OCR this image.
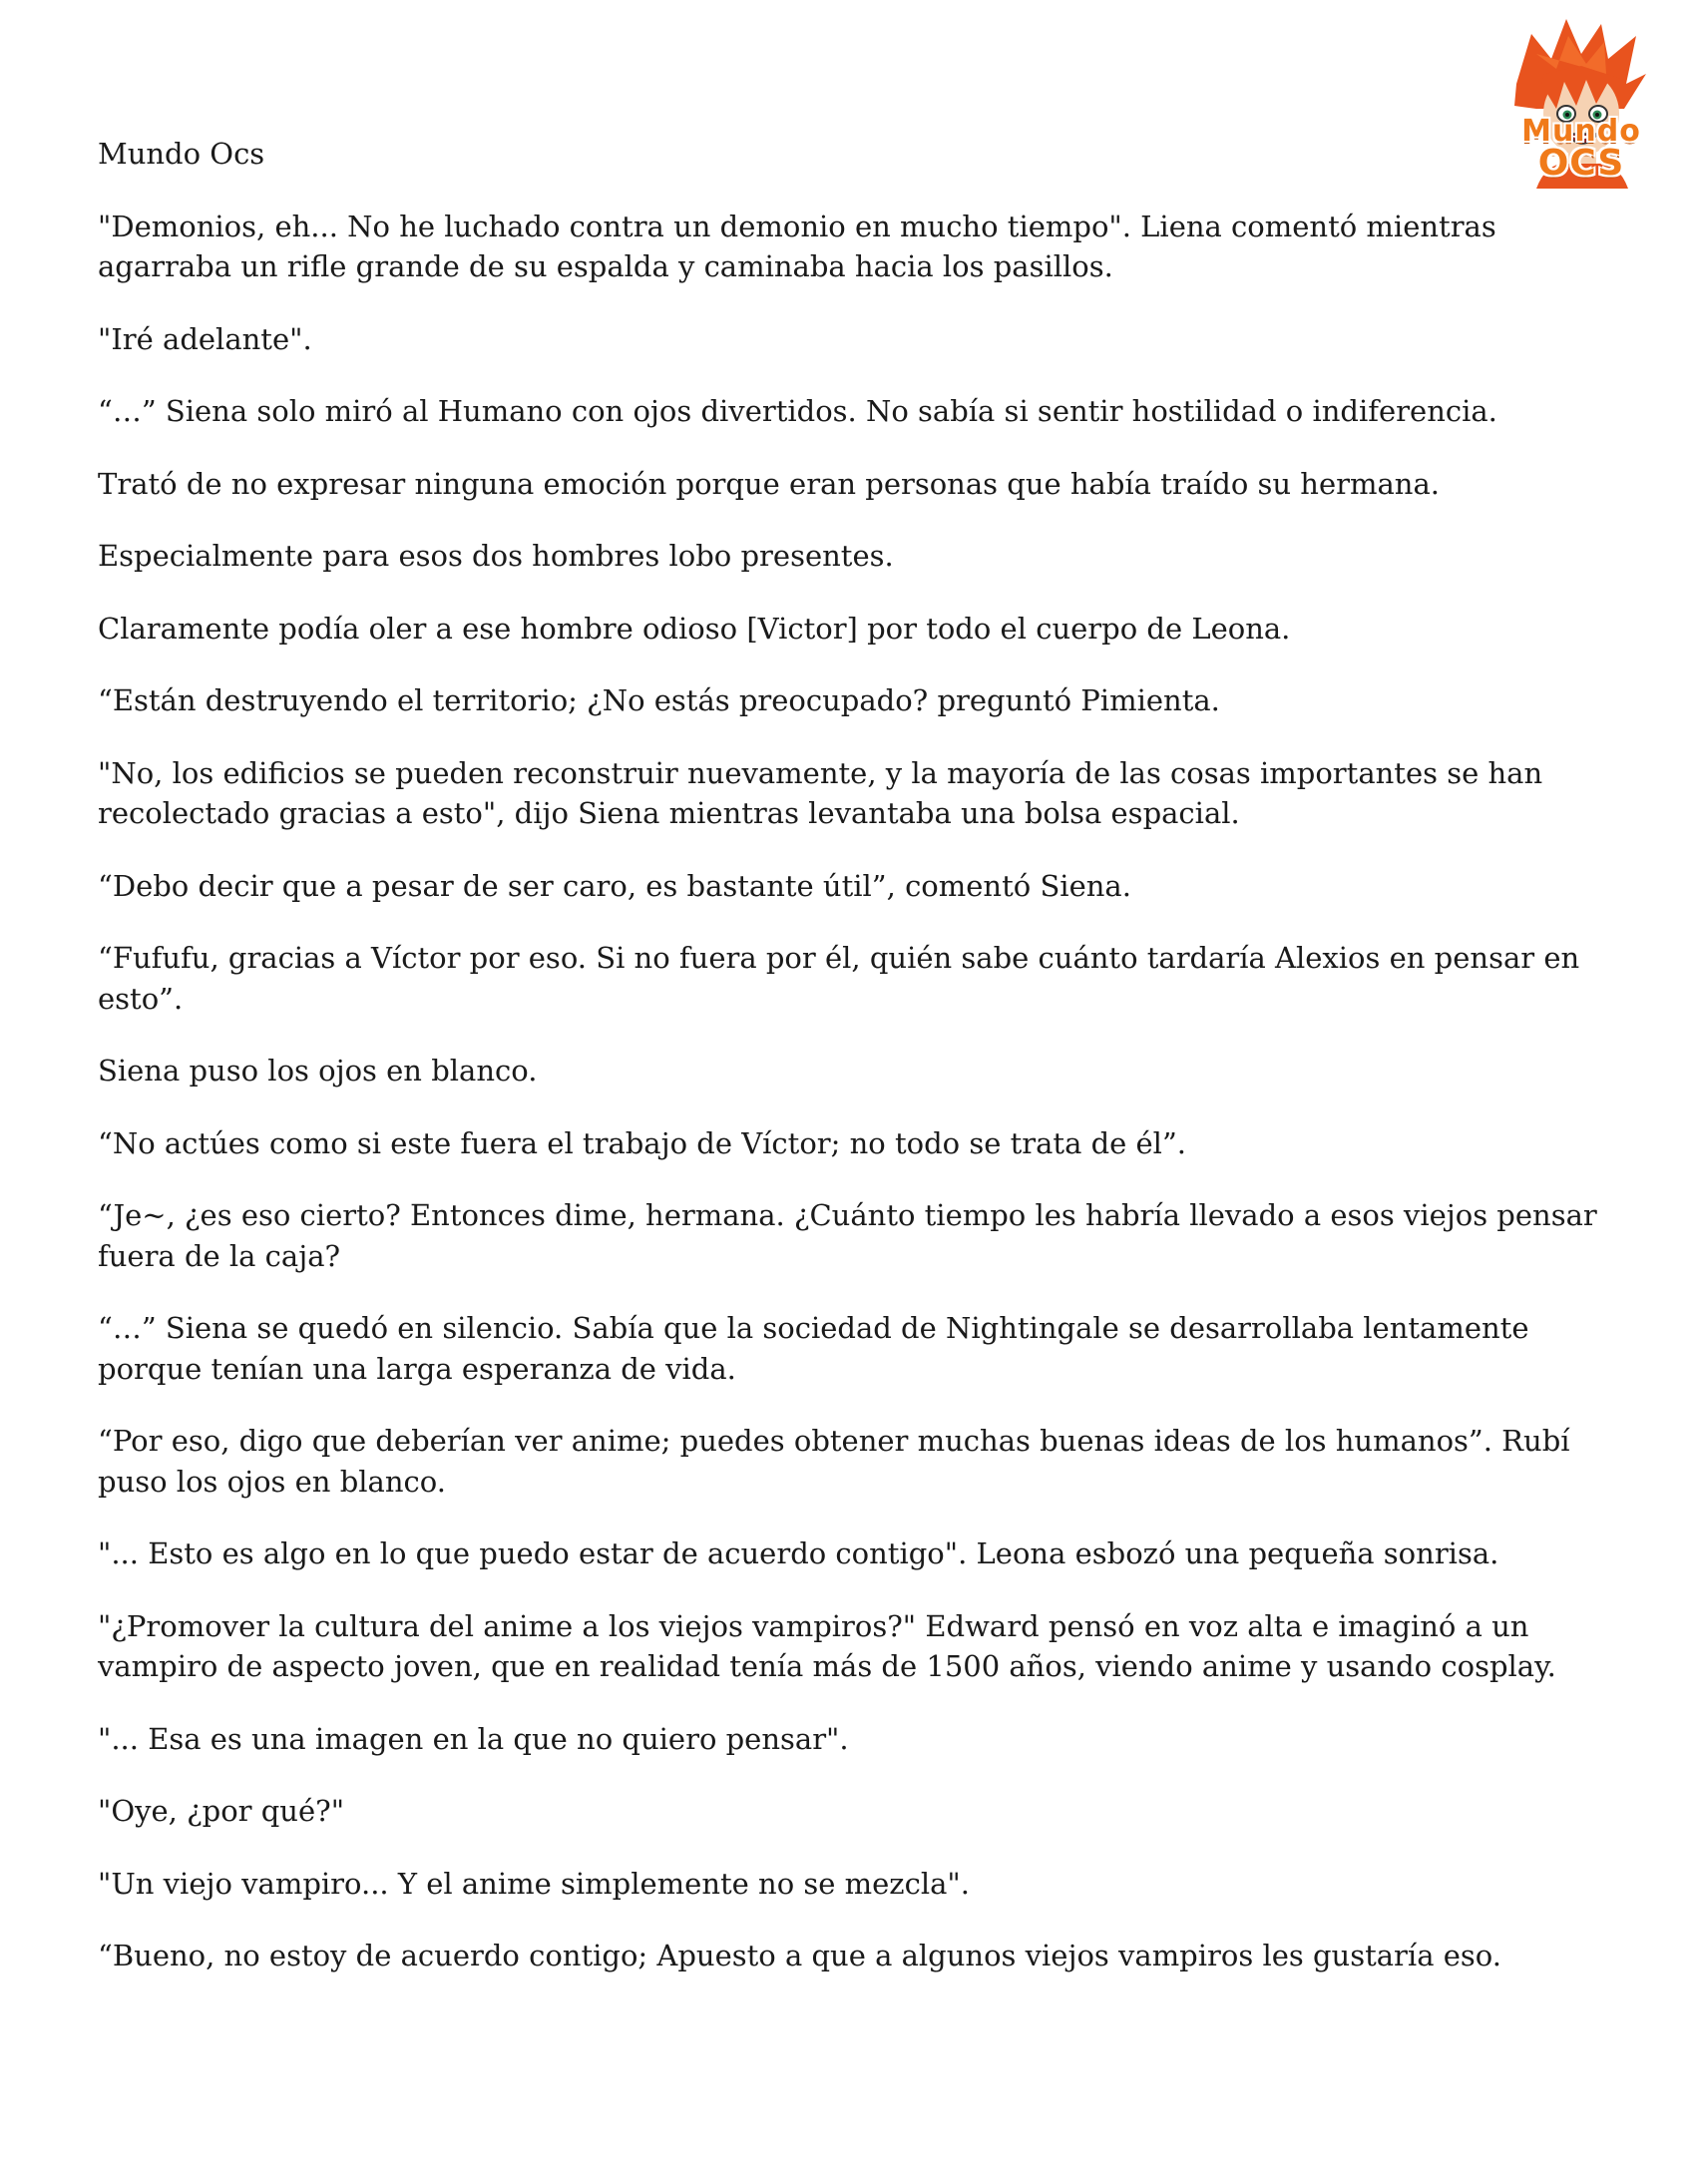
Mundo
OCS

Mundo Ocs

"Demonios, eh... No he luchado contra un demonio en mucho tiempo". Liena comentó mientras agarraba un rifle grande de su espalda y caminaba hacia los pasillos.

"Iré adelante".

“…” Siena solo miró al Humano con ojos divertidos. No sabía si sentir hostilidad o indiferencia.

Trató de no expresar ninguna emoción porque eran personas que había traído su hermana.

Especialmente para esos dos hombres lobo presentes.

Claramente podía oler a ese hombre odioso [Victor] por todo el cuerpo de Leona.

“Están destruyendo el territorio; ¿No estás preocupado? preguntó Pimienta.

"No, los edificios se pueden reconstruir nuevamente, y la mayoría de las cosas importantes se han recolectado gracias a esto", dijo Siena mientras levantaba una bolsa espacial.

“Debo decir que a pesar de ser caro, es bastante útil”, comentó Siena.

“Fufufu, gracias a Víctor por eso. Si no fuera por él, quién sabe cuánto tardaría Alexios en pensar en esto”.

Siena puso los ojos en blanco.

“No actúes como si este fuera el trabajo de Víctor; no todo se trata de él”.

“Je~, ¿es eso cierto? Entonces dime, hermana. ¿Cuánto tiempo les habría llevado a esos viejos pensar fuera de la caja?

“…” Siena se quedó en silencio. Sabía que la sociedad de Nightingale se desarrollaba lentamente porque tenían una larga esperanza de vida.

“Por eso, digo que deberían ver anime; puedes obtener muchas buenas ideas de los humanos”. Rubí puso los ojos en blanco.

"... Esto es algo en lo que puedo estar de acuerdo contigo". Leona esbozó una pequeña sonrisa.

"¿Promover la cultura del anime a los viejos vampiros?" Edward pensó en voz alta e imaginó a un vampiro de aspecto joven, que en realidad tenía más de 1500 años, viendo anime y usando cosplay.

"... Esa es una imagen en la que no quiero pensar".

"Oye, ¿por qué?"

"Un viejo vampiro... Y el anime simplemente no se mezcla".

“Bueno, no estoy de acuerdo contigo; Apuesto a que a algunos viejos vampiros les gustaría eso.
